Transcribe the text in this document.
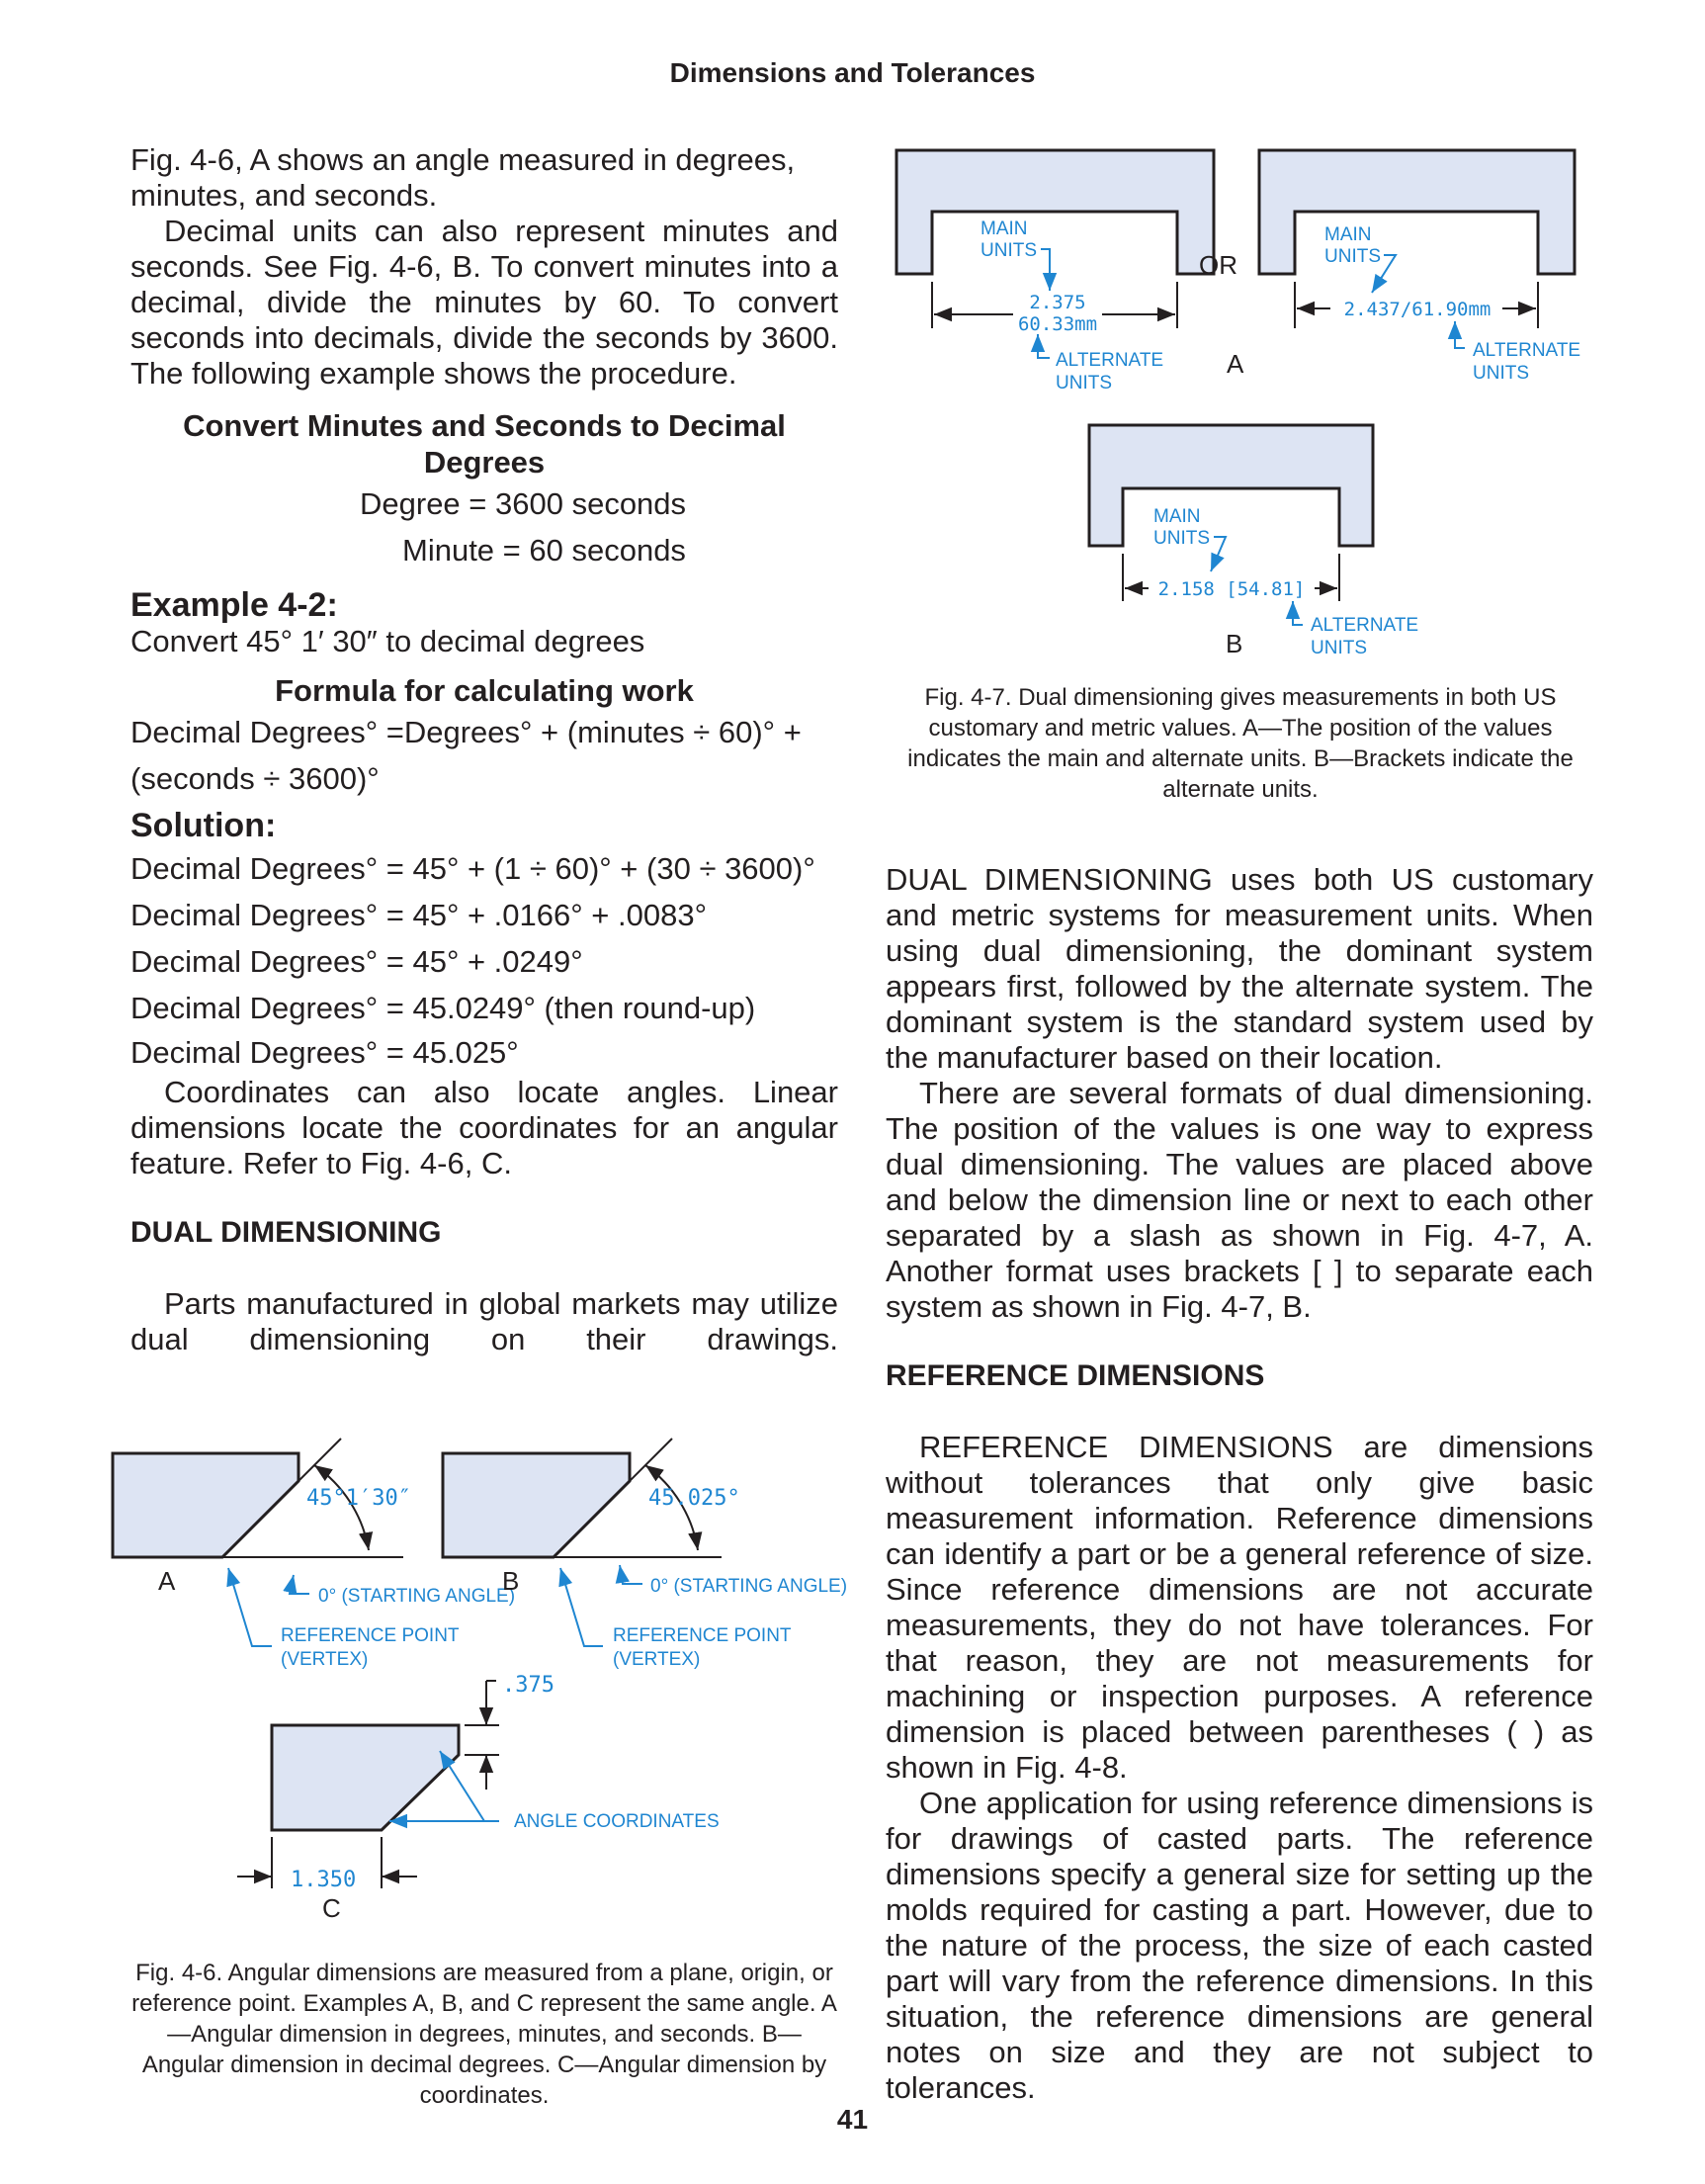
Dimensions and Tolerances

Fig. 4-6, A shows an angle measured in degrees, minutes, and seconds.

Decimal units can also represent minutes and seconds. See Fig. 4-6, B. To convert minutes into a decimal, divide the minutes by 60. To convert seconds into decimals, divide the seconds by 3600. The following example shows the procedure.

Convert Minutes and Seconds to Decimal Degrees
Degree = 3600 seconds
Minute = 60 seconds
Example 4-2:
Convert 45° 1′ 30″ to decimal degrees
Formula for calculating work
Decimal Degrees° =Degrees° + (minutes ÷ 60)° +
(seconds ÷ 3600)°
Solution:
Decimal Degrees° = 45° + (1 ÷ 60)° + (30 ÷ 3600)°
Decimal Degrees° = 45° + .0166° + .0083°
Decimal Degrees° = 45° + .0249°
Decimal Degrees° = 45.0249° (then round-up)
Decimal Degrees° = 45.025°

Coordinates can also locate angles. Linear dimensions locate the coordinates for an angular feature. Refer to Fig. 4-6, C.

DUAL DIMENSIONING

Parts manufactured in global markets may utilize dual dimensioning on their drawings.

45°1′30″
A
0° (STARTING ANGLE)
REFERENCE POINT
(VERTEX)
45.025°
B	0° (STARTING ANGLE)
REFERENCE POINT
(VERTEX)
.375
1.350
C
ANGLE COORDINATES
Fig. 4-6. Angular dimensions are measured from a plane, origin, or reference point. Examples A, B, and C represent the same angle. A—Angular dimension in degrees, minutes, and seconds. B—Angular dimension in decimal degrees. C—Angular dimension by coordinates.
2.375
60.33mm
MAIN
UNITS
ALTERNATE
UNITS
OR
2.437/61.90mm
MAIN
UNITS
ALTERNATE
UNITS
A
2.158 [54.81]
MAIN
UNITS
ALTERNATE
UNITS
B
Fig. 4-7. Dual dimensioning gives measurements in both US customary and metric values. A—The position of the values indicates the main and alternate units. B—Brackets indicate the alternate units.

DUAL DIMENSIONING uses both US customary and metric systems for measurement units. When using dual dimensioning, the dominant system appears first, followed by the alternate system. The dominant system is the standard system used by the manufacturer based on their location.

There are several formats of dual dimensioning. The position of the values is one way to express dual dimensioning. The values are placed above and below the dimension line or next to each other separated by a slash as shown in Fig. 4-7, A. Another format uses brackets [ ] to separate each system as shown in Fig. 4-7, B.

REFERENCE DIMENSIONS

REFERENCE DIMENSIONS are dimensions without tolerances that only give basic measurement information. Reference dimensions can identify a part or be a general reference of size. Since reference dimensions are not accurate measurements, they do not have tolerances. For that reason, they are not measurements for machining or inspection purposes. A reference dimension is placed between parentheses ( ) as shown in Fig. 4-8.

One application for using reference dimensions is for drawings of casted parts. The reference dimensions specify a general size for setting up the molds required for casting a part. However, due to the nature of the process, the size of each casted part will vary from the reference dimensions. In this situation, the reference dimensions are general notes on size and they are not subject to tolerances.

41
